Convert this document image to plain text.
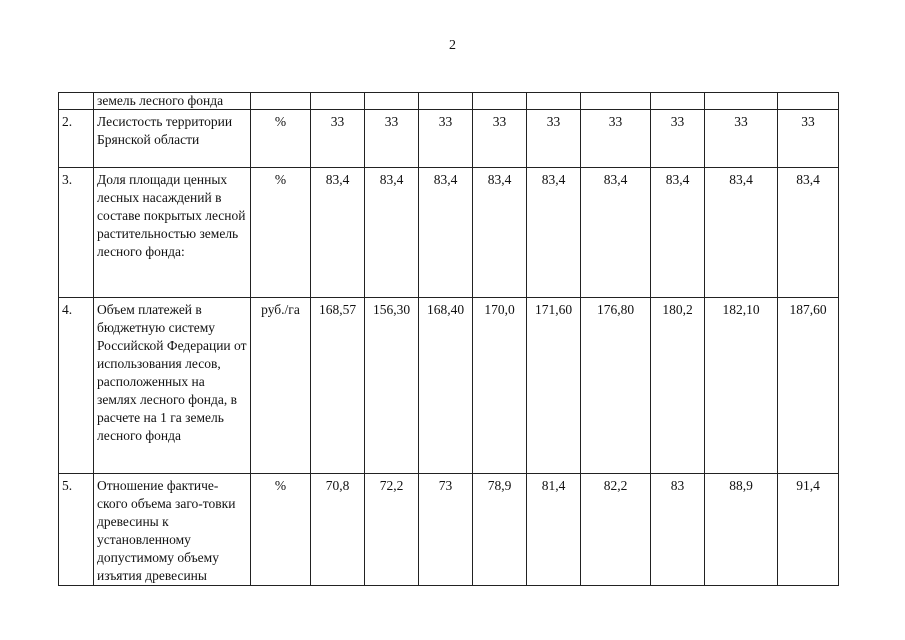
2
	земель лесного фонда										
2.	Лесистость территории Брянской области	%	33	33	33	33	33	33	33	33	33
3.	Доля площади ценных лесных насаждений в составе покрытых лесной растительностью земель лесного фонда:	%	83,4	83,4	83,4	83,4	83,4	83,4	83,4	83,4	83,4
4.	Объем платежей в бюджетную систему Российской Федерации от использования лесов, расположенных на землях лесного фонда, в расчете на 1 га земель лесного фонда	руб./га	168,57	156,30	168,40	170,0	171,60	176,80	180,2	182,10	187,60
5.	Отношение фактиче-ского объема заго-товки древесины к установленному допустимому объему изъятия древесины	%	70,8	72,2	73	78,9	81,4	82,2	83	88,9	91,4
